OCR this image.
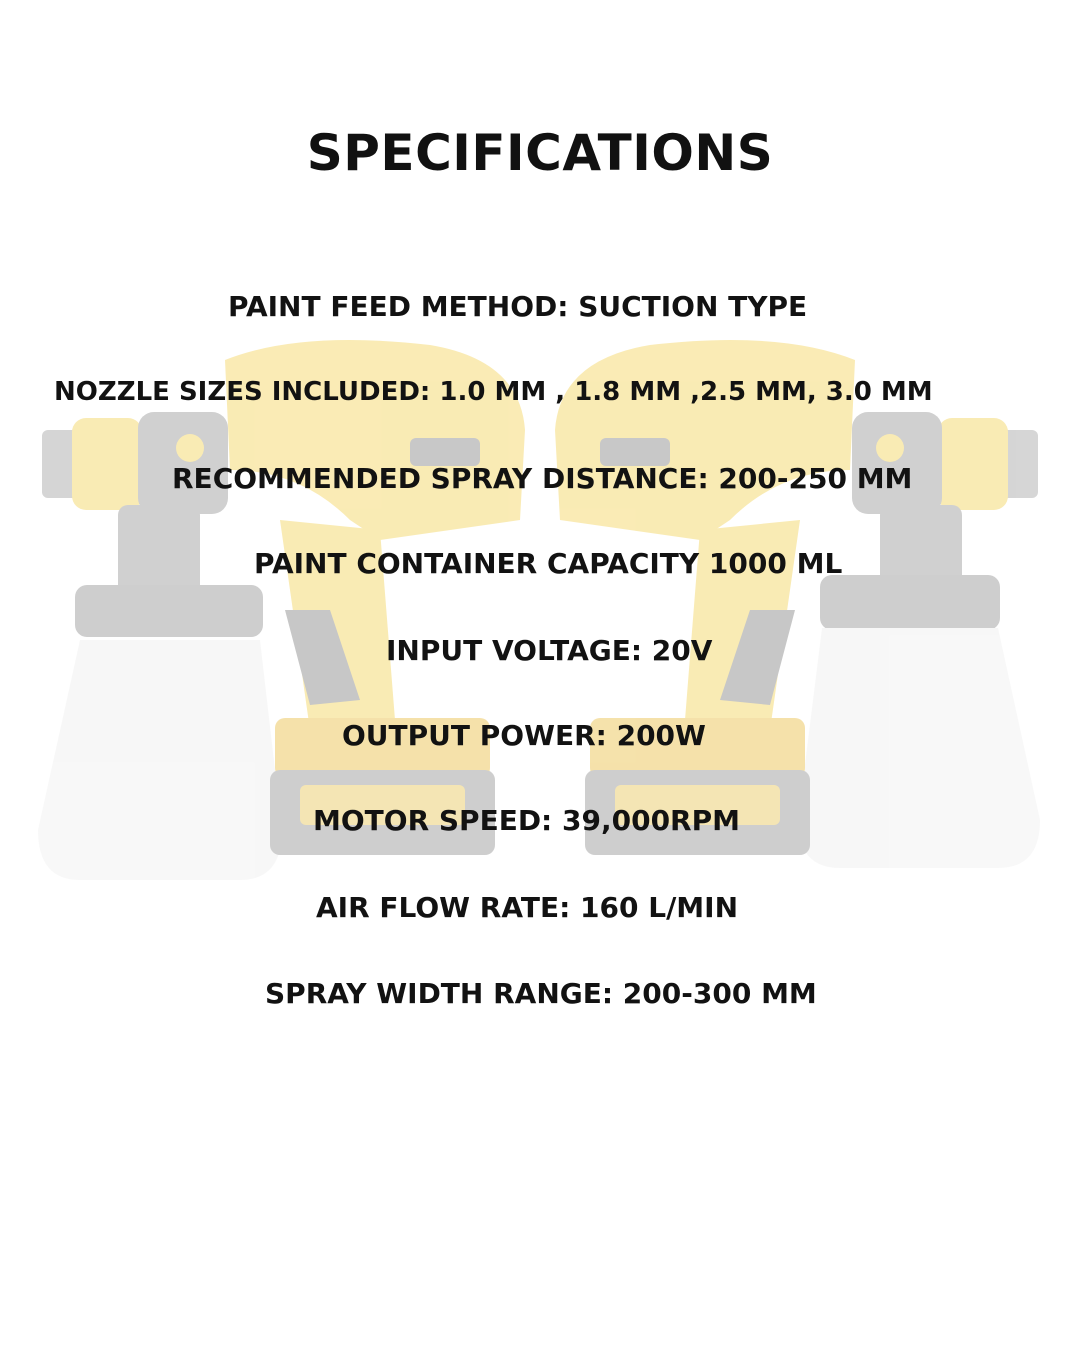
SPECIFICATIONS

PAINT FEED METHOD: SUCTION TYPE

NOZZLE SIZES INCLUDED: 1.0 MM , 1.8 MM ,2.5 MM, 3.0 MM

RECOMMENDED SPRAY DISTANCE: 200-250 MM

PAINT CONTAINER CAPACITY 1000 ML

INPUT VOLTAGE: 20V

OUTPUT POWER: 200W

MOTOR SPEED: 39,000RPM

AIR FLOW RATE: 160 L/MIN

SPRAY WIDTH RANGE: 200-300 MM
